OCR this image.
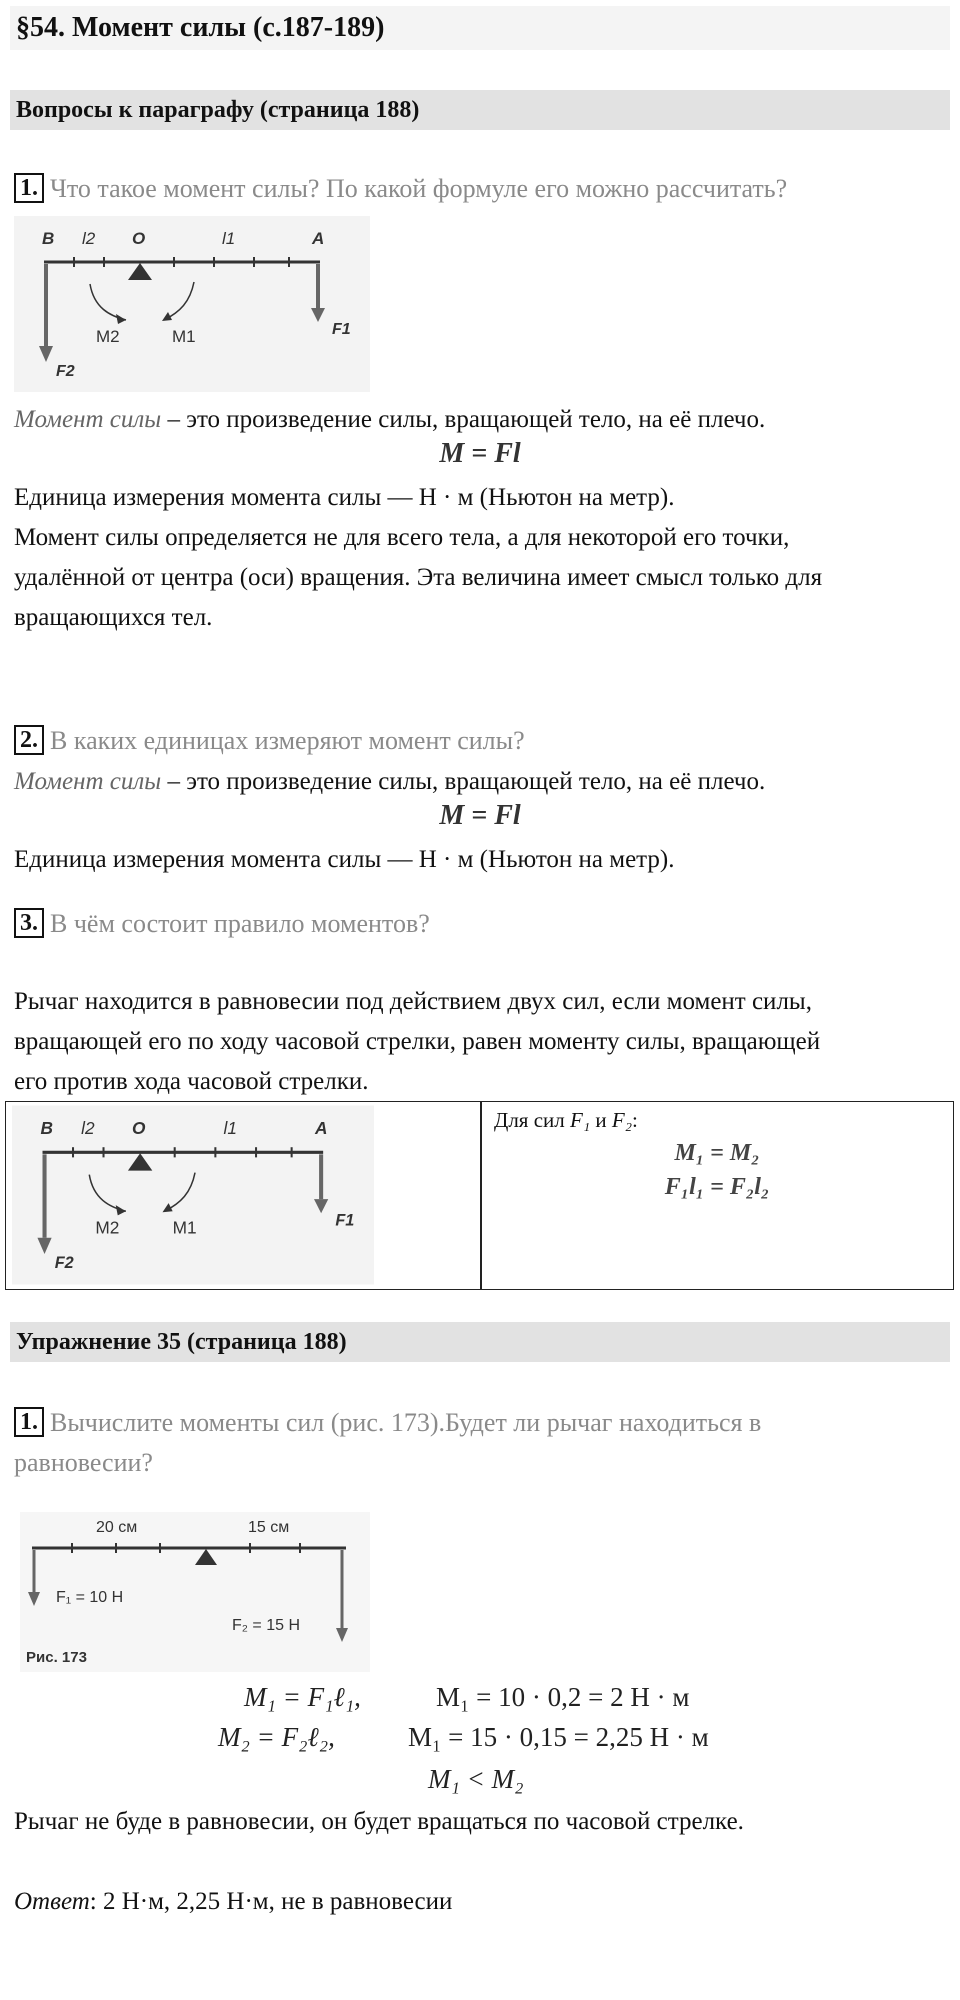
§54. Момент силы (с.187-189)
Вопросы к параграфу (страница 188)
1. Что такое момент силы? По какой формуле его можно рассчитать?
B l2 O	l1	A
M2	M1	F1
F2
Момент силы – это произведение силы, вращающей тело, на её плечо.
M = Fl
Единица измерения момента силы — Н · м (Ньютон на метр).
Момент силы определяется не для всего тела, а для некоторой его точки,
удалённой от центра (оси) вращения. Эта величина имеет смысл только для
вращающихся тел.
2. В каких единицах измеряют момент силы?
Момент силы – это произведение силы, вращающей тело, на её плечо.
M = Fl
Единица измерения момента силы — Н · м (Ньютон на метр).
3. В чём состоит правило моментов?
Рычаг находится в равновесии под действием двух сил, если момент силы,
вращающей его по ходу часовой стрелки, равен моменту силы, вращающей
его против хода часовой стрелки.
B l2 O	l1	A
M2	M1	F1
F2
Для сил F₁ и F₂:
M₁ = M₂
F₁l₁ = F₂l₂
Упражнение 35 (страница 188)
1. Вычислите моменты сил (рис. 173).Будет ли рычаг находиться в
равновесии?
20 см	15 см
F₁ = 10 Н
F₂ = 15 Н
Рис. 173
M₁ = F₁ℓ₁,	M₁ = 10 · 0,2 = 2 Н · м
M₂ = F₂ℓ₂,	M₁ = 15 · 0,15 = 2,25 Н · м
M₁ < M₂
Рычаг не буде в равновесии, он будет вращаться по часовой стрелке.
Ответ: 2 Н·м, 2,25 Н·м, не в равновесии
